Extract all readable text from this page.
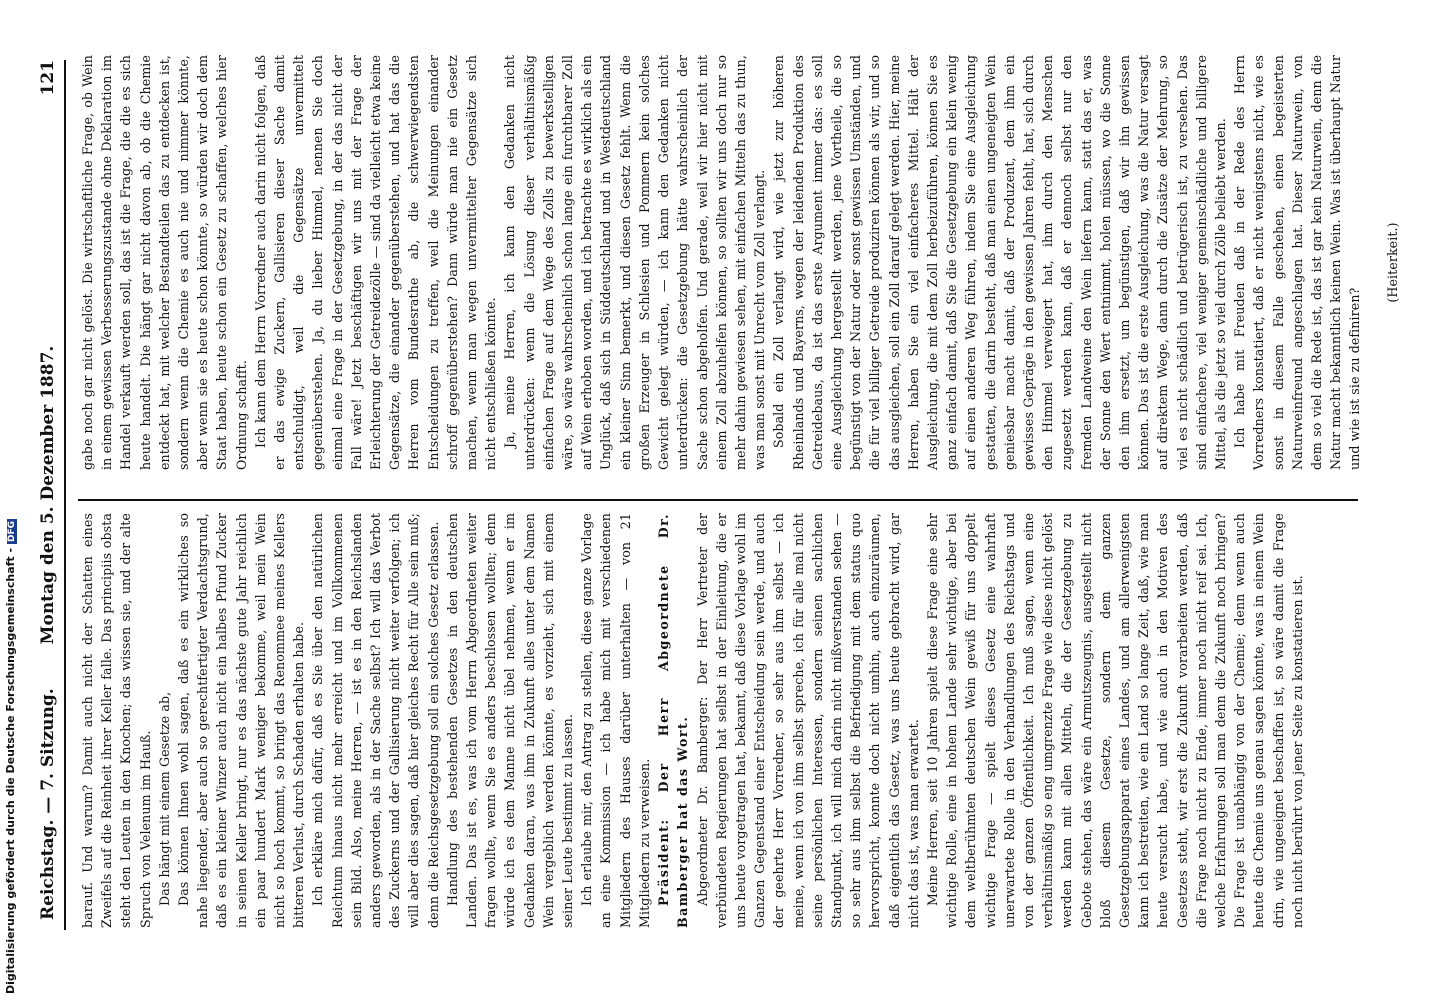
Reichstag. — 7. Sitzung.
Montag den 5. Dezember 1887.
121

barauf. Und warum? Damit auch nicht der Schatten eines Zweifels auf die Reinheit ihrer Keller falle. Das principiis obsta steht den Leuten in den Knochen; das wissen sie, und der alte Spruch von Velenum im Hauß. Das hängt mit einem Gesetze ab, Das können Ihnen wohl sagen, daß es ein wirkliches so nahe liegender, aber auch so gerechtfertigter Verdachtsgrund, daß es ein kleiner Winzer auch nicht ein halbes Pfund Zucker in seinen Keller bringt, nur es das nächste gute Jahr reichlich ein paar hundert Mark weniger bekomme, weil mein Wein nicht so hoch kommt, so bringt das Renommee meines Kellers bitteren Verlust, durch Schaden erhalten habe. Ich erkläre mich dafür, daß es Sie über den natürlichen Reichtum hinaus nicht mehr erreicht und im Vollkommenen sein Bild. Also, meine Herren, — ist es in den Reichslanden anders geworden, als in der Sache selbst? Ich will das Verbot des Zuckerns und der Gallisierung nicht weiter verfolgen; ich will aber dies sagen, daß hier gleiches Recht für Alle sein muß; denn die Reichsgesetzgebung soll ein solches Gesetz erlassen. Handlung des bestehenden Gesetzes in den deutschen Landen. Das ist es, was ich vom Herrn Abgeordneten weiter fragen wollte, wenn Sie es anders beschlossen wollten; denn würde ich es dem Manne nicht übel nehmen, wenn er im Gedanken daran, was ihm in Zukunft alles unter dem Namen Wein vergeblich werden könnte, es vorzieht, sich mit einem seiner Leute bestimmt zu lassen. Ich erlaube mir, den Antrag zu stellen, diese ganze Vorlage an eine Kommission — ich habe mich mit verschiedenen Mitgliedern des Hauses darüber unterhalten — von 21 Mitgliedern zu verweisen. Präsident: Der Herr Abgeordnete Dr. Bamberger hat das Wort. Abgeordneter Dr. Bamberger: Der Herr Vertreter der verbündeten Regierungen hat selbst in der Einleitung, die er uns heute vorgetragen hat, bekannt, daß diese Vorlage wohl im Ganzen Gegenstand einer Entscheidung sein werde, und auch der geehrte Herr Vorredner, so sehr aus ihm selbst — ich meine, wenn ich von ihm selbst spreche, ich für alle mal nicht seine persönlichen Interessen, sondern seinen sachlichen Standpunkt, ich will mich darin nicht mißverstanden sehen — so sehr aus ihm selbst die Befriedigung mit dem status quo hervorspricht, konnte doch nicht umhin, auch einzuräumen, daß eigentlich das Gesetz, was uns heute gebracht wird, gar nicht das ist, was man erwartet. Meine Herren, seit 10 Jahren spielt diese Frage eine sehr wichtige Rolle, eine in hohem Lande sehr wichtige, aber bei dem weltberühmten deutschen Wein gewiß für uns doppelt wichtige Frage — spielt dieses Gesetz eine wahrhaft unerwartete Rolle in den Verhandlungen des Reichstags und von der ganzen Öffentlichkeit. Ich muß sagen, wenn eine verhältnismäßig so eng umgrenzte Frage wie diese nicht gelöst werden kann mit allen Mitteln, die der Gesetzgebung zu Gebote stehen, das wäre ein Armutszeugnis, ausgestellt nicht bloß diesem Gesetze, sondern dem ganzen Gesetzgebungsapparat eines Landes, und am allerwenigsten kann ich bestreiten, wie ein Land so lange Zeit, daß, wie man heute versucht habe, und wie auch in den Motiven des Gesetzes steht, wir erst die Zukunft vorarbeiten werden, daß die Frage noch nicht zu Ende, immer noch nicht reif sei. Ich, welche Erfahrungen soll man denn die Zukunft noch bringen? Die Frage ist unabhängig von der Chemie; denn wenn auch heute die Chemie uns genau sagen könnte, was in einem Wein drin, wie ungeeignet beschaffen ist, so wäre damit die Frage noch nicht berührt von jener Seite zu konstatieren ist.

gabe noch gar nicht gelöst. Die wirtschaftliche Frage, ob Wein in einem gewissen Verbesserungszustande ohne Deklaration im Handel verkauft werden soll, das ist die Frage, die die es sich heute handelt. Die hängt gar nicht davon ab, ob die Chemie entdeckt hat, mit welcher Bestandteilen das zu entdecken ist, sondern wenn die Chemie es auch nie und nimmer könnte, aber wenn sie es heute schon könnte, so würden wir doch dem Staat haben, heute schon ein Gesetz zu schaffen, welches hier Ordnung schafft. Ich kann dem Herrn Vorredner auch darin nicht folgen, daß er das ewige Zuckern, Gallisieren dieser Sache damit entschuldigt, weil die Gegensätze unvermittelt gegenüberstehen. Ja, du lieber Himmel, nennen Sie doch einmal eine Frage in der Gesetzgebung, in der das nicht der Fall wäre! Jetzt beschäftigen wir uns mit der Frage der Erleichterung der Getreidezölle — sind da vielleicht etwa keine Gegensätze, die einander gegenüberstehen, und hat das die Herren vom Bundesrathe ab, die schwerwiegendsten Entscheidungen zu treffen, weil die Meinungen einander schroff gegenüberstehen? Dann würde man nie ein Gesetz machen, wenn man wegen unvermittelter Gegensätze sich nicht entschließen könnte. Ja, meine Herren, ich kann den Gedanken nicht unterdrücken: wenn die Lösung dieser verhältnismäßig einfachen Frage auf dem Wege des Zolls zu bewerkstelligen wäre, so wäre wahrscheinlich schon lange ein furchtbarer Zoll auf Wein erhoben worden, und ich betrachte es wirklich als ein Unglück, daß sich in Süddeutschland und in Westdeutschland ein kleiner Sinn bemerkt, und diesen Gesetz fehlt. Wenn die großen Erzeuger in Schlesien und Pommern kein solches Gewicht gelegt würden, — ich kann den Gedanken nicht unterdrücken: die Gesetzgebung hätte wahrscheinlich der Sache schon abgeholfen. Und gerade, weil wir hier nicht mit einem Zoll abzuhelfen können, so sollten wir uns doch nur so mehr dahin gewiesen sehen, mit einfachen Mitteln das zu thun, was man sonst mit Unrecht vom Zoll verlangt. Sobald ein Zoll verlangt wird, wie jetzt zur höheren Rheinlands und Bayerns, wegen der leidenden Produktion des Getreidebaus, da ist das erste Argument immer das: es soll eine Ausgleichung hergestellt werden, jene Vortheile, die so begünstigt von der Natur oder sonst gewissen Umständen, und die für viel billiger Getreide produziren können als wir, und so das ausgleichen, soll ein Zoll darauf gelegt werden. Hier, meine Herren, haben Sie ein viel einfacheres Mittel. Hält der Ausgleichung, die mit dem Zoll herbeizuführen, können Sie es ganz einfach damit, daß Sie die Gesetzgebung ein klein wenig auf einen anderen Weg führen, indem Sie eine Ausgleichung gestatten, die darin besteht, daß man einen ungeneigten Wein geniesbar macht damit, daß der Produzent, dem ihm ein gewisses Gepräge in den gewissen Jahren fehlt, hat, sich durch den Himmel verweigert hat, ihm durch den Menschen zugesetzt werden kann, daß er dennoch selbst nur den fremden Landweine den Wein liefern kann, statt das er, was der Sonne den Wert entnimmt, holen müssen, wo die Sonne den ihm ersetzt, um begünstigen, daß wir ihn gewissen können. Das ist die erste Ausgleichung, was die Natur versagt auf direktem Wege, dann durch die Zusätze der Mehrung, so viel es nicht schädlich und betrügerisch ist, zu versehen. Das sind einfachere, viel weniger gemeinschädliche und billigere Mittel, als die jetzt so viel durch Zölle beliebt werden. Ich habe mit Freuden daß in der Rede des Herrn Vorredners konstatiert, daß er nicht wenigstens nicht, wie es sonst in diesem Falle geschehen, einen begeisterten Naturweinfreund angeschlagen hat. Dieser Naturwein, von dem so viel die Rede ist, das ist gar kein Naturwein, denn die Natur macht bekanntlich keinen Wein. Was ist überhaupt Natur und wie ist sie zu definiren?

(Heiterkeit.)

Digitalisierung gefördert durch die Deutsche Forschungsgemeinschaft -DFG
